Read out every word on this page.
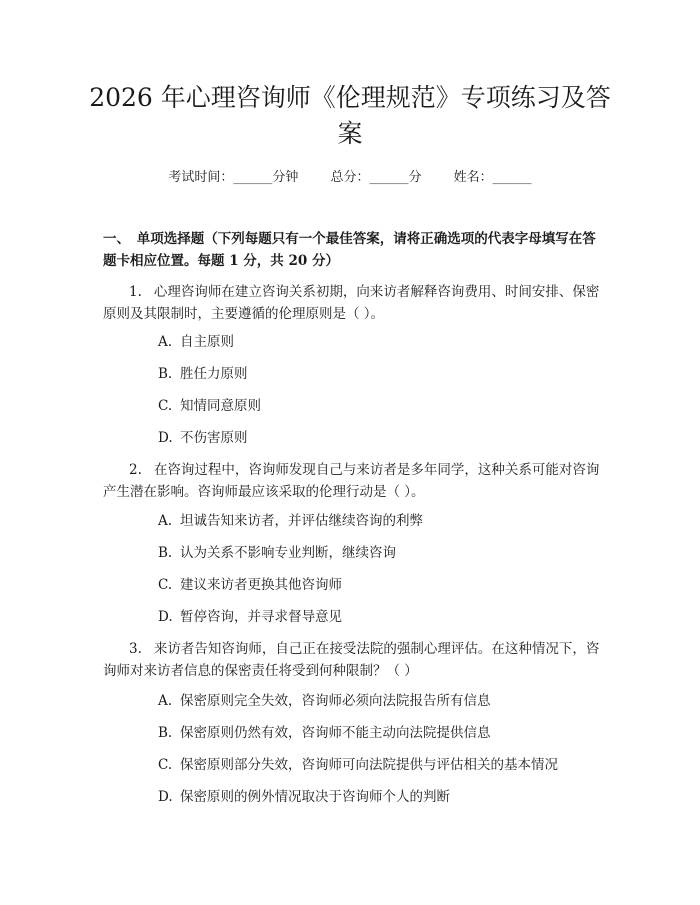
2026 年心理咨询师《伦理规范》专项练习及答案
考试时间：______分钟 总分：______分 姓名：______

一、　单项选择题（下列每题只有一个最佳答案，请将正确选项的代表字母填写在答题卡相应位置。每题 1 分，共 20 分）

1. 心理咨询师在建立咨询关系初期，向来访者解释咨询费用、时间安排、保密原则及其限制时，主要遵循的伦理原则是（ ）。

A. 自主原则

B. 胜任力原则

C. 知情同意原则

D. 不伤害原则

2. 在咨询过程中，咨询师发现自己与来访者是多年同学，这种关系可能对咨询产生潜在影响。咨询师最应该采取的伦理行动是（ ）。

A. 坦诚告知来访者，并评估继续咨询的利弊

B. 认为关系不影响专业判断，继续咨询

C. 建议来访者更换其他咨询师

D. 暂停咨询，并寻求督导意见

3. 来访者告知咨询师，自己正在接受法院的强制心理评估。在这种情况下，咨询师对来访者信息的保密责任将受到何种限制？（ ）

A. 保密原则完全失效，咨询师必须向法院报告所有信息

B. 保密原则仍然有效，咨询师不能主动向法院提供信息

C. 保密原则部分失效，咨询师可向法院提供与评估相关的基本情况

D. 保密原则的例外情况取决于咨询师个人的判断
